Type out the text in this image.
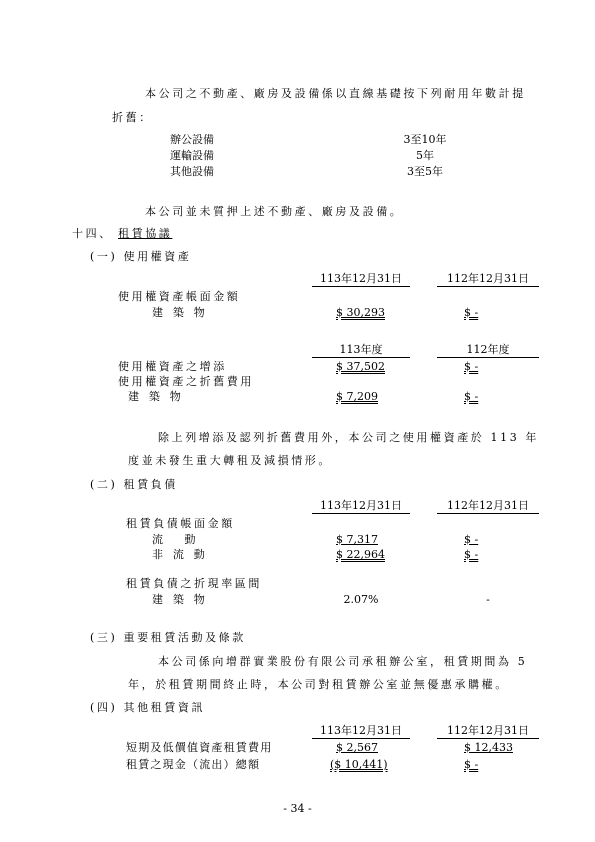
本公司之不動產、廠房及設備係以直線基礎按下列耐用年數計提
折舊：
辦公設備	3至10年
運輸設備	5年
其他設備	3至5年
本公司並未質押上述不動產、廠房及設備。
十四、 租賃協議
(一) 使用權資產
113年12月31日	112年12月31日
使用權資產帳面金額
建 築 物	$ 30,293	$ -
113年度	112年度
使用權資產之增添	$ 37,502	$ -
使用權資產之折舊費用
建 築 物	$ 7,209	$ -
除上列增添及認列折舊費用外，本公司之使用權資產於 113 年
度並未發生重大轉租及減損情形。
(二) 租賃負債
113年12月31日	112年12月31日
租賃負債帳面金額
流 動	$ 7,317	$ -
非 流 動	$ 22,964	$ -
租賃負債之折現率區間
建 築 物	2.07%	-
(三) 重要租賃活動及條款
本公司係向增群實業股份有限公司承租辦公室，租賃期間為 5
年，於租賃期間終止時，本公司對租賃辦公室並無優惠承購權。
(四) 其他租賃資訊
113年12月31日	112年12月31日
短期及低價值資產租賃費用	$ 2,567	$ 12,433
租賃之現金（流出）總額	($ 10,441)	$ -
- 34 -
